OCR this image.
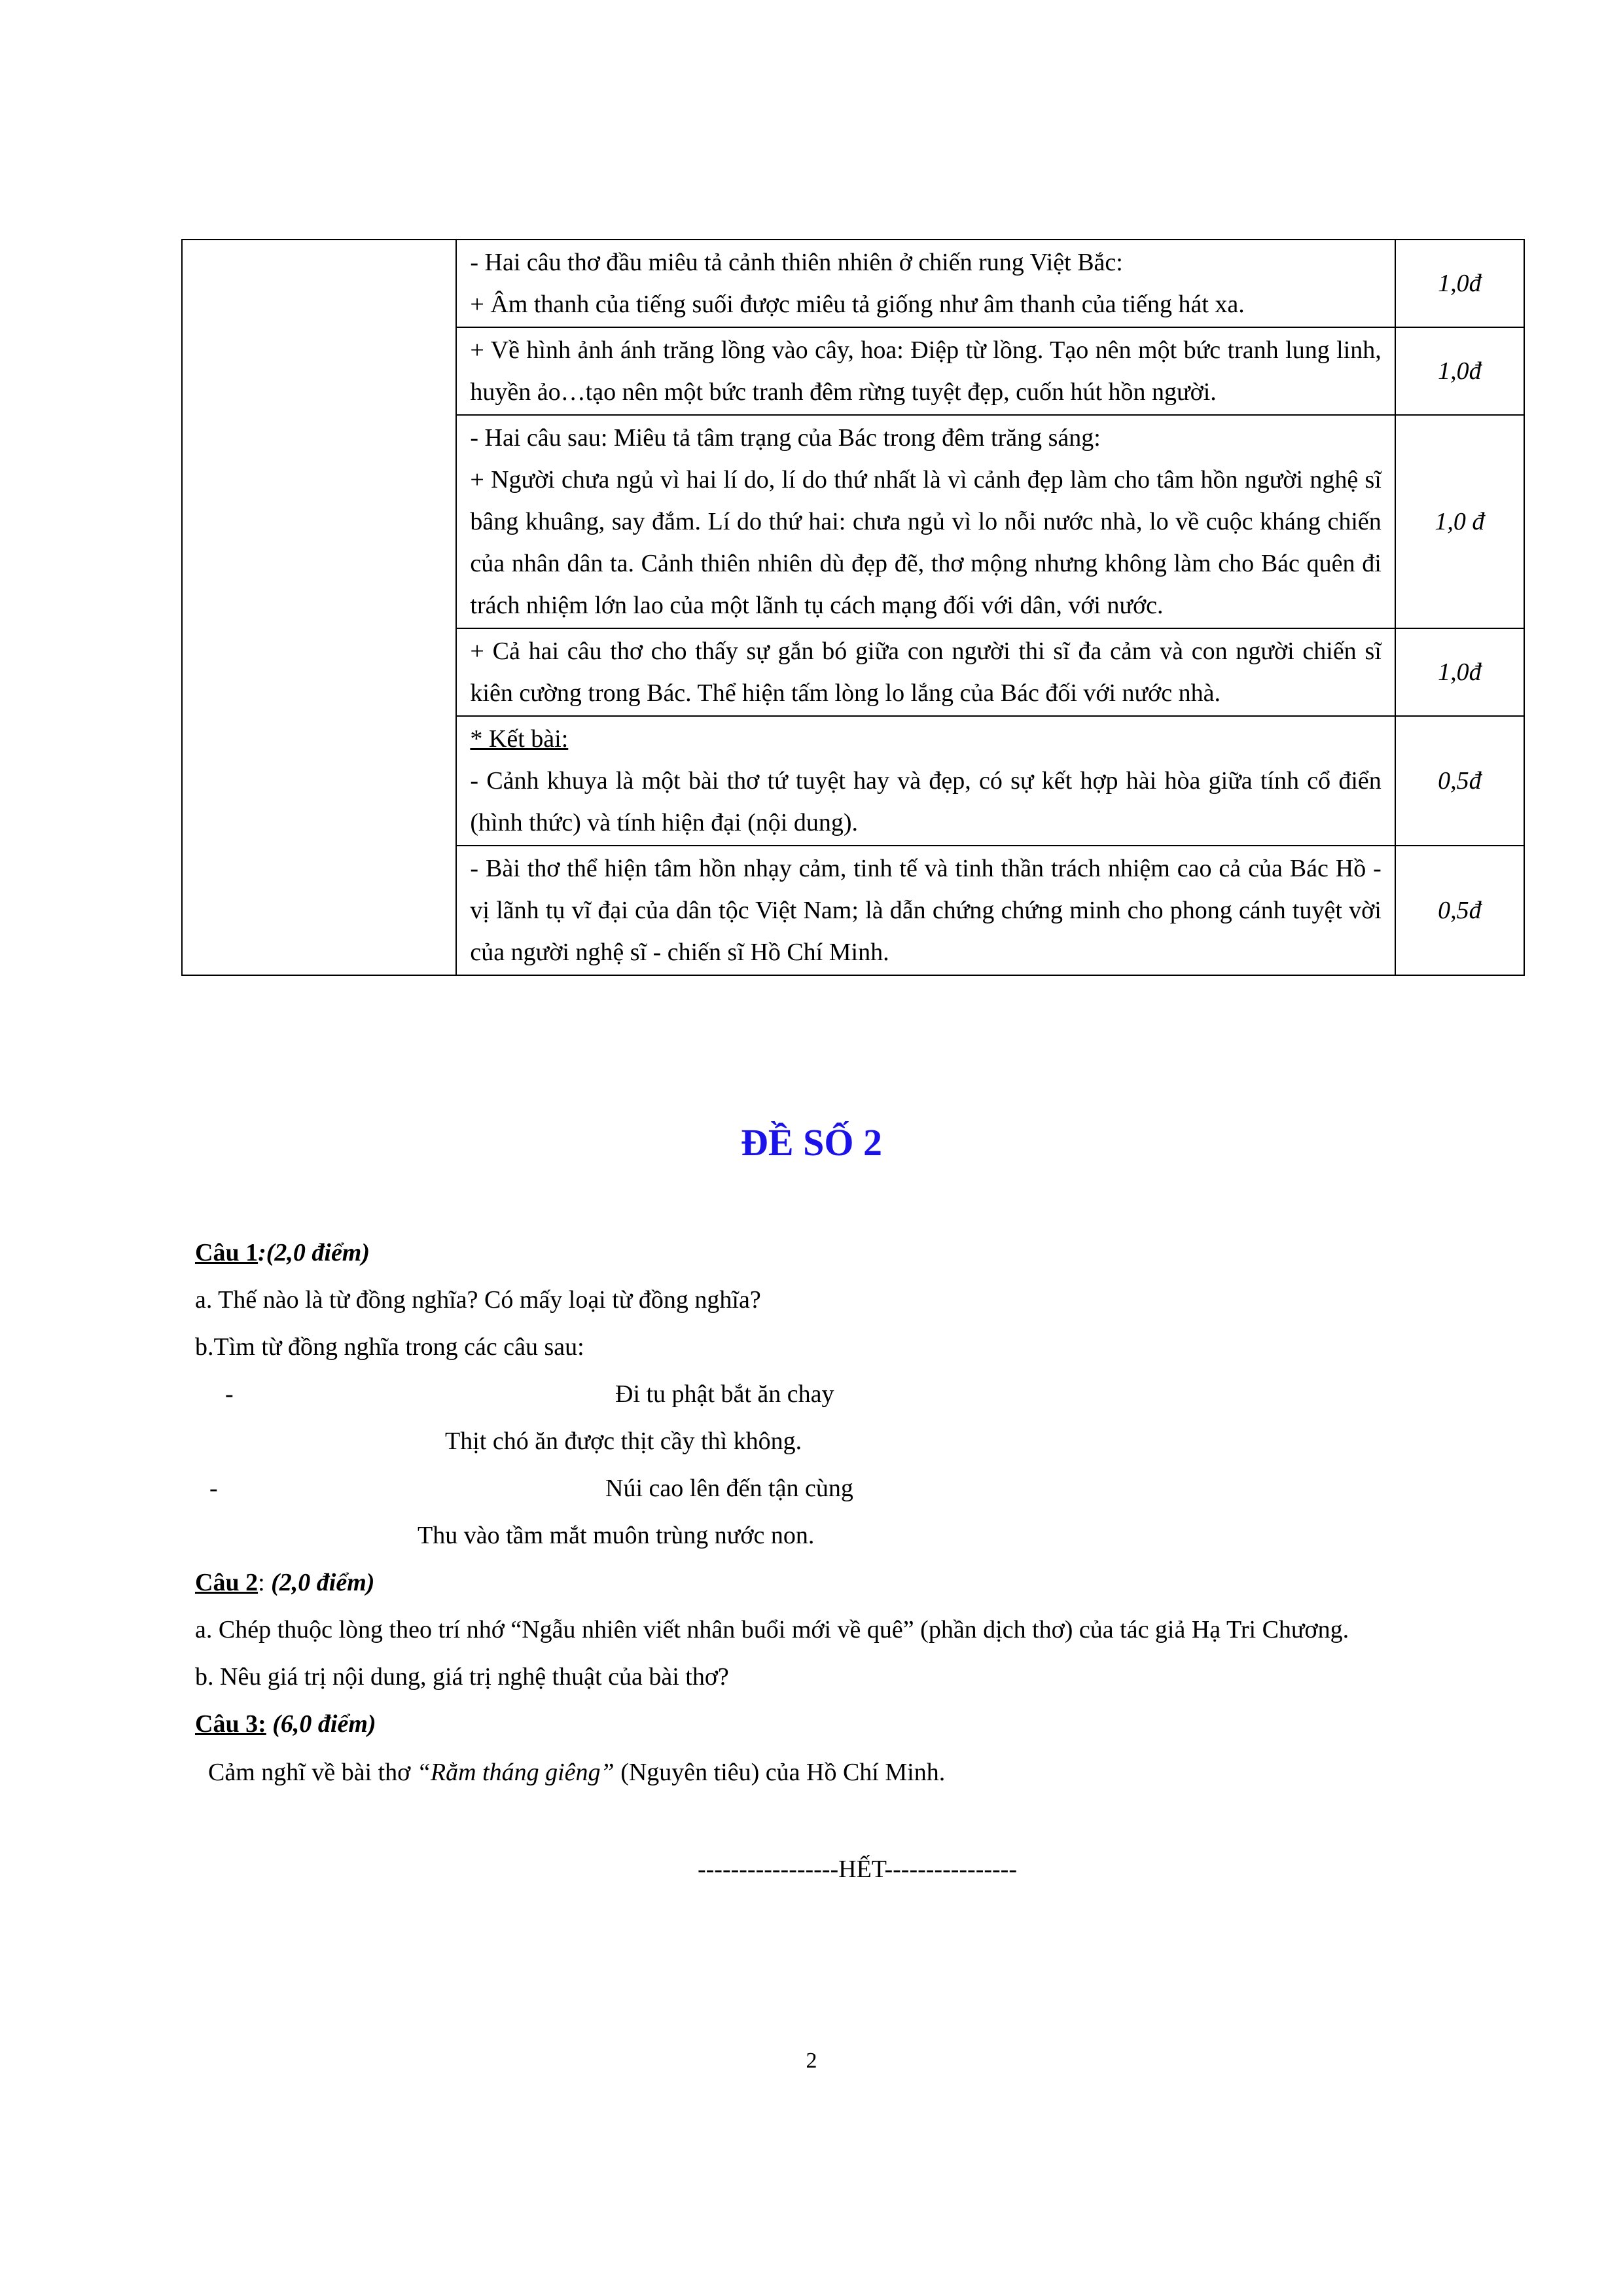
	- Hai câu thơ đầu miêu tả cảnh thiên nhiên ở chiến rung Việt Bắc:
+ Âm thanh của tiếng suối được miêu tả giống như âm thanh của tiếng hát xa.	1,0đ

	+ Về hình ảnh ánh trăng lồng vào cây, hoa: Điệp từ lồng. Tạo nên một bức tranh lung linh, huyền ảo…tạo nên một bức tranh đêm rừng tuyệt đẹp, cuốn hút hồn người.	1,0đ

	- Hai câu sau: Miêu tả tâm trạng của Bác trong đêm trăng sáng:
+ Người chưa ngủ vì hai lí do, lí do thứ nhất là vì cảnh đẹp làm cho tâm hồn người nghệ sĩ bâng khuâng, say đắm. Lí do thứ hai: chưa ngủ vì lo nỗi nước nhà, lo về cuộc kháng chiến của nhân dân ta. Cảnh thiên nhiên dù đẹp đẽ, thơ mộng nhưng không làm cho Bác quên đi trách nhiệm lớn lao của một lãnh tụ cách mạng đối với dân, với nước.	1,0 đ

	+ Cả hai câu thơ cho thấy sự gắn bó giữa con người thi sĩ đa cảm và con người chiến sĩ kiên cường trong Bác. Thể hiện tấm lòng lo lắng của Bác đối với nước nhà.	1,0đ

	* Kết bài:
- Cảnh khuya là một bài thơ tứ tuyệt hay và đẹp, có sự kết hợp hài hòa giữa tính cổ điển (hình thức) và tính hiện đại (nội dung).	0,5đ

	- Bài thơ thể hiện tâm hồn nhạy cảm, tinh tế và tinh thần trách nhiệm cao cả của Bác Hồ - vị lãnh tụ vĩ đại của dân tộc Việt Nam; là dẫn chứng chứng minh cho phong cánh tuyệt vời của người nghệ sĩ - chiến sĩ Hồ Chí Minh.	0,5đ
ĐỀ SỐ 2
Câu 1:(2,0 điểm)
a. Thế nào là từ đồng nghĩa? Có mấy loại từ đồng nghĩa?
b.Tìm từ đồng nghĩa trong các câu sau:
-	Đi tu phật bắt ăn chay
Thịt chó ăn được thịt cầy thì không.
-	Núi cao lên đến tận cùng
Thu vào tầm mắt muôn trùng nước non.
Câu 2: (2,0 điểm)
a. Chép thuộc lòng theo trí nhớ “Ngẫu nhiên viết nhân buổi mới về quê” (phần dịch thơ) của tác giả Hạ Tri Chương.
b. Nêu giá trị nội dung, giá trị nghệ thuật của bài thơ?
Câu 3: (6,0 điểm)
Cảm nghĩ về bài thơ “Rằm tháng giêng” (Nguyên tiêu) của Hồ Chí Minh.
-----------------HẾT----------------
2
